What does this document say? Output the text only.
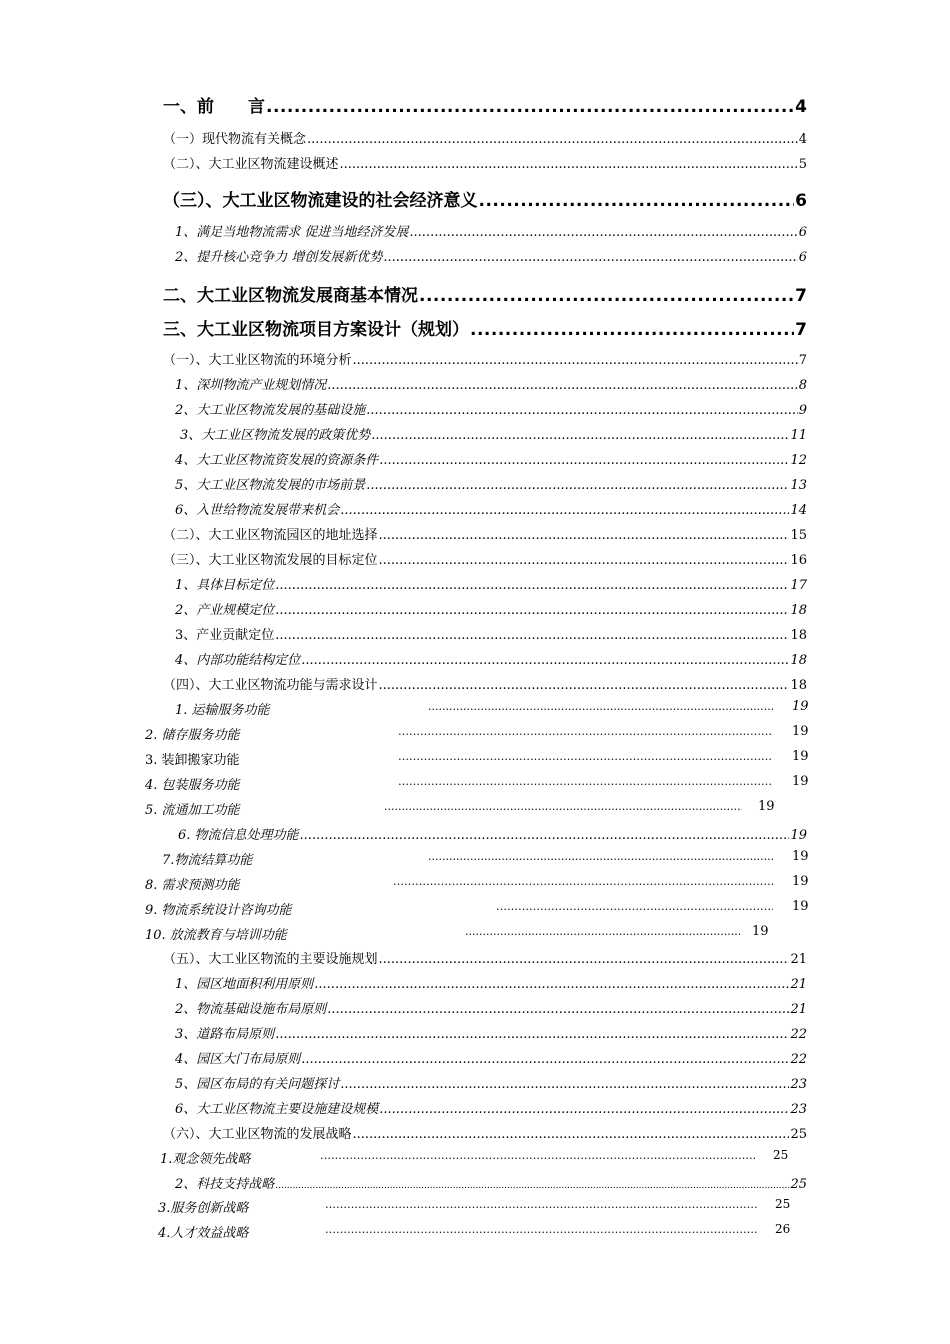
一、前　　言 .....	4
（一）现代物流有关概念 .....	4
（二）、大工业区物流建设概述 .....	5
（三）、大工业区物流建设的社会经济意义 .....	6
1、满足当地物流需求 促进当地经济发展 .....	6
2、提升核心竞争力 增创发展新优势 .....	6
二、大工业区物流发展商基本情况 .....	7
三、大工业区物流项目方案设计（规划） .....	7
（一）、大工业区物流的环境分析 .....	7
1、深圳物流产业规划情况 .....	8
2、大工业区物流发展的基础设施 .....	9
3、大工业区物流发展的政策优势 .....	11
4、大工业区物流资发展的资源条件 .....	12
5、大工业区物流发展的市场前景 .....	13
6、入世给物流发展带来机会 .....	14
（二）、大工业区物流园区的地址选择 .....	15
（三）、大工业区物流发展的目标定位 .....	16
1、具体目标定位 .....	17
2、产业规模定位 .....	18
3、产业贡献定位 .....	18
4、内部功能结构定位 .....	18
（四）、大工业区物流功能与需求设计 .....	18
1. 运输服务功能 .....	19
2. 储存服务功能 ……………………………………………………………………………………………………………………………………………………………………	19
3. 装卸搬家功能 ……………………………………………………………………………………………………………………………………………………………………	19
4. 包装服务功能 ……………………………………………………………………………………………………………………………………………………………………	19
5. 流通加工功能 .....	19
6. 物流信息处理功能 .....	19
7.物流结算功能 .....	19
8. 需求预测功能 ……………………………………………………………………………………………………………………………………………………………………	19
9. 物流系统设计咨询功能 ……………………………………………………………………………………………………………………………………………………………………	19
10. 放流教育与培训功能 .....	19
（五）、大工业区物流的主要设施规划 .....	21
1、园区地面积利用原则 .....	21
2、物流基础设施布局原则 .....	21
3、道路布局原则 .....	22
4、园区大门布局原则 .....	22
5、园区布局的有关问题探讨 .....	23
6、大工业区物流主要设施建设规模 .....	23
（六）、大工业区物流的发展战略 .....	25
1.观念领先战略 ……………………………………………………………………………………………………………………………………………………………………	25
2、科技支持战略 .....	25
3.服务创新战略 ……………………………………………………………………………………………………………………………………………………………………	25
4.人才效益战略 ……………………………………………………………………………………………………………………………………………………………………	26
